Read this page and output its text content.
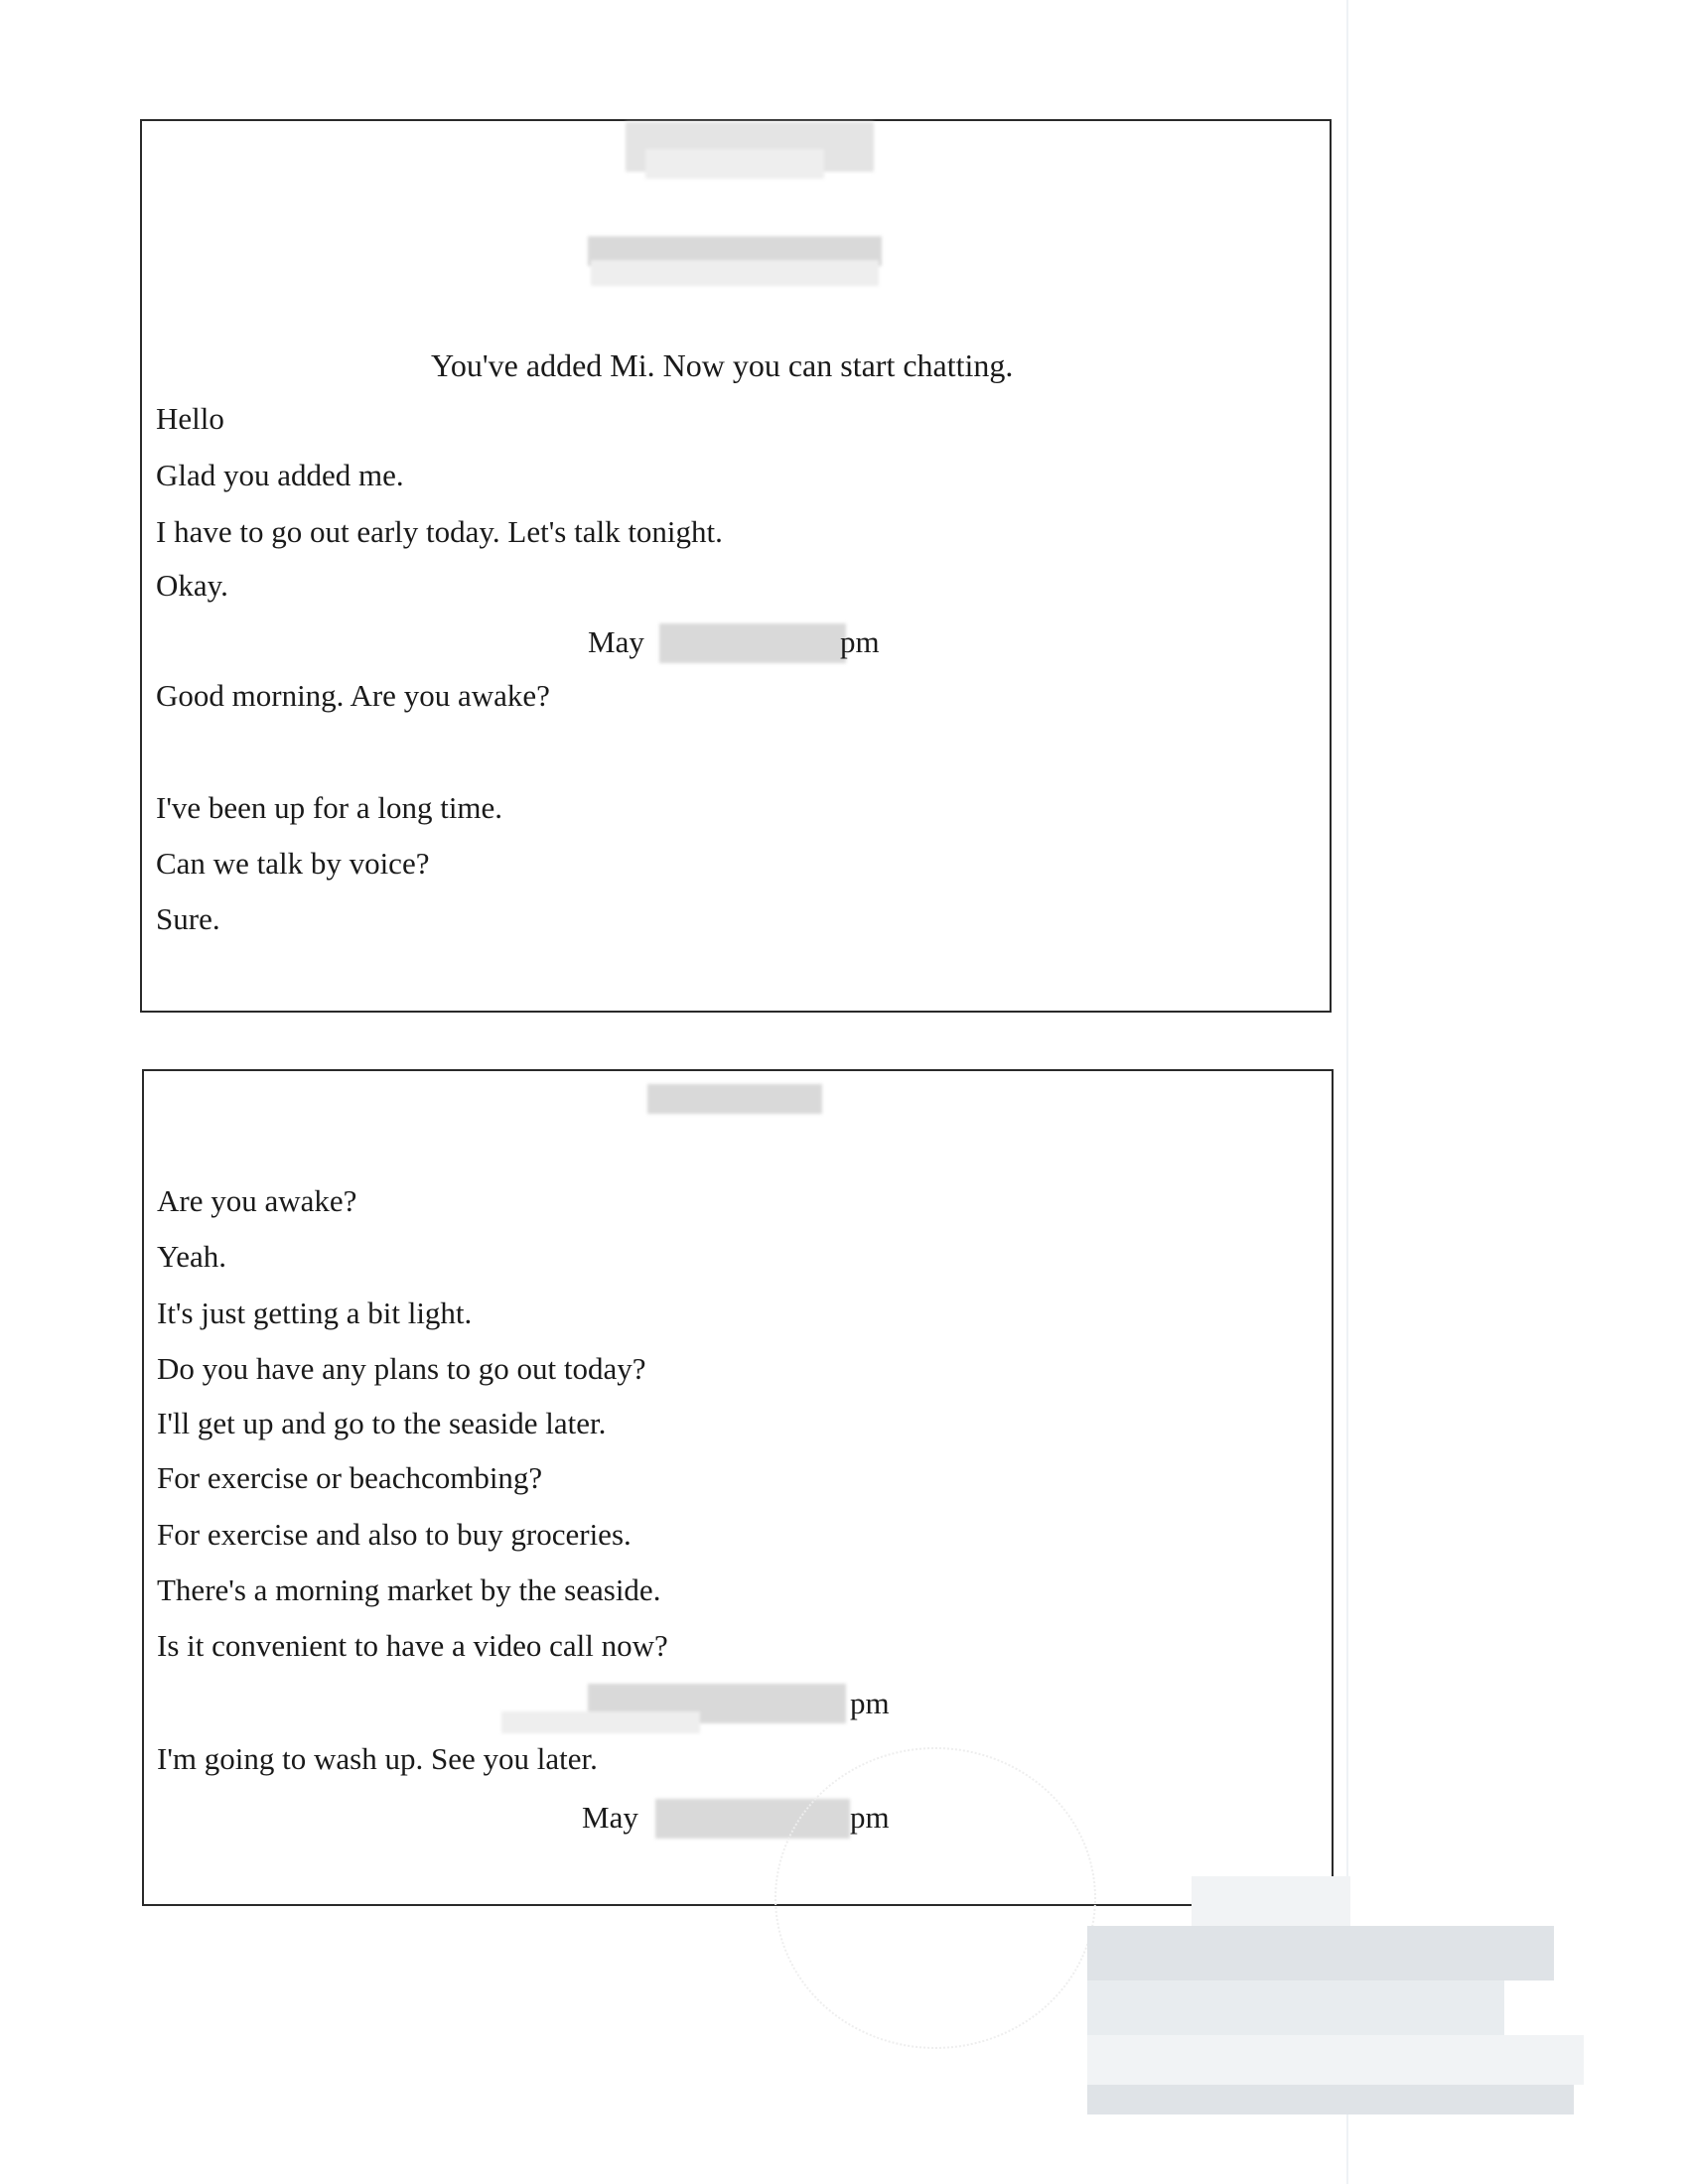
You've added Mi. Now you can start chatting.
Hello
Glad you added me.
I have to go out early today. Let's talk tonight.
Okay.
May	pm
Good morning. Are you awake?
I've been up for a long time.
Can we talk by voice?
Sure.
Are you awake?
Yeah.
It's just getting a bit light.
Do you have any plans to go out today?
I'll get up and go to the seaside later.
For exercise or beachcombing?
For exercise and also to buy groceries.
There's a morning market by the seaside.
Is it convenient to have a video call now?
pm
I'm going to wash up. See you later.
May	pm
